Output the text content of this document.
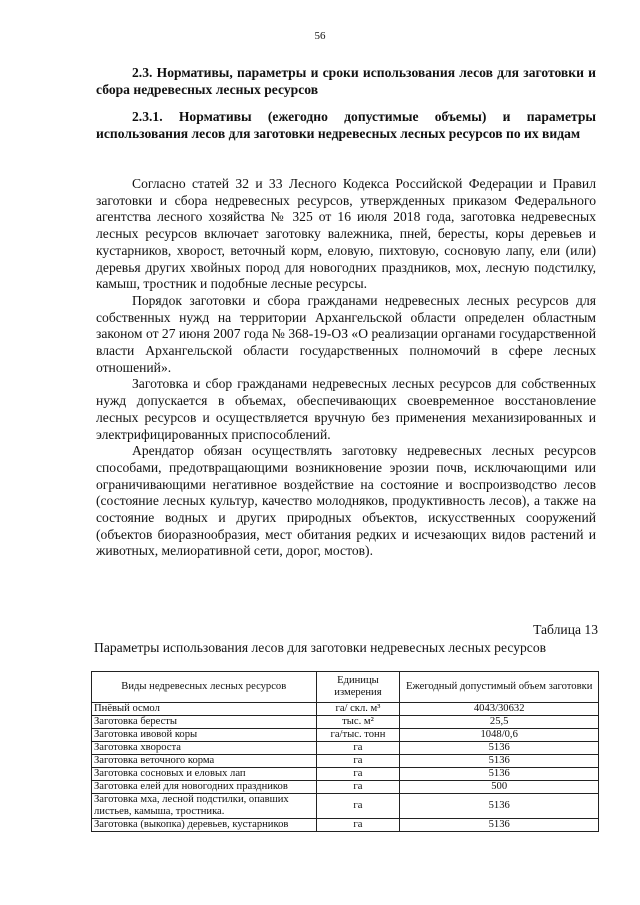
56
2.3. Нормативы, параметры и сроки использования лесов для заготовки и сбора недревесных лесных ресурсов
2.3.1. Нормативы (ежегодно допустимые объемы) и параметры использования лесов для заготовки недревесных лесных ресурсов по их видам

Согласно статей 32 и 33 Лесного Кодекса Российской Федерации и Правил заготовки и сбора недревесных ресурсов, утвержденных приказом Федерального агентства лесного хозяйства № 325 от 16 июля 2018 года, заготовка недревесных лесных ресурсов включает заготовку валежника, пней, бересты, коры деревьев и кустарников, хворост, веточный корм, еловую, пихтовую, сосновую лапу, ели (или) деревья других хвойных пород для новогодних праздников, мох, лесную подстилку, камыш, тростник и подобные лесные ресурсы.

Порядок заготовки и сбора гражданами недревесных лесных ресурсов для собственных нужд на территории Архангельской области определен областным законом от 27 июня 2007 года № 368-19-ОЗ «О реализации органами государственной власти Архангельской области государственных полномочий в сфере лесных отношений».

Заготовка и сбор гражданами недревесных лесных ресурсов для собственных нужд допускается в объемах, обеспечивающих своевременное восстановление лесных ресурсов и осуществляется вручную без применения механизированных и электрифицированных приспособлений.

Арендатор обязан осуществлять заготовку недревесных лесных ресурсов способами, предотвращающими возникновение эрозии почв, исключающими или ограничивающими негативное воздействие на состояние и воспроизводство лесов (состояние лесных культур, качество молодняков, продуктивность лесов), а также на состояние водных и других природных объектов, искусственных сооружений (объектов биоразнообразия, мест обитания редких и исчезающих видов растений и животных, мелиоративной сети, дорог, мостов).

Таблица 13
Параметры использования лесов для заготовки недревесных лесных ресурсов
Виды недревесных лесных ресурсов	Единицы измерения	Ежегодный допустимый объем заготовки
Пнёвый осмол	га/ скл. м³	4043/30632
Заготовка бересты	тыс. м²	25,5
Заготовка ивовой коры	га/тыс. тонн	1048/0,6
Заготовка хвороста	га	5136
Заготовка веточного корма	га	5136
Заготовка сосновых и еловых лап	га	5136
Заготовка елей для новогодних праздников	га	500
Заготовка мха, лесной подстилки, опавших листьев, камыша, тростника.	га	5136
Заготовка (выкопка) деревьев, кустарников	га	5136
